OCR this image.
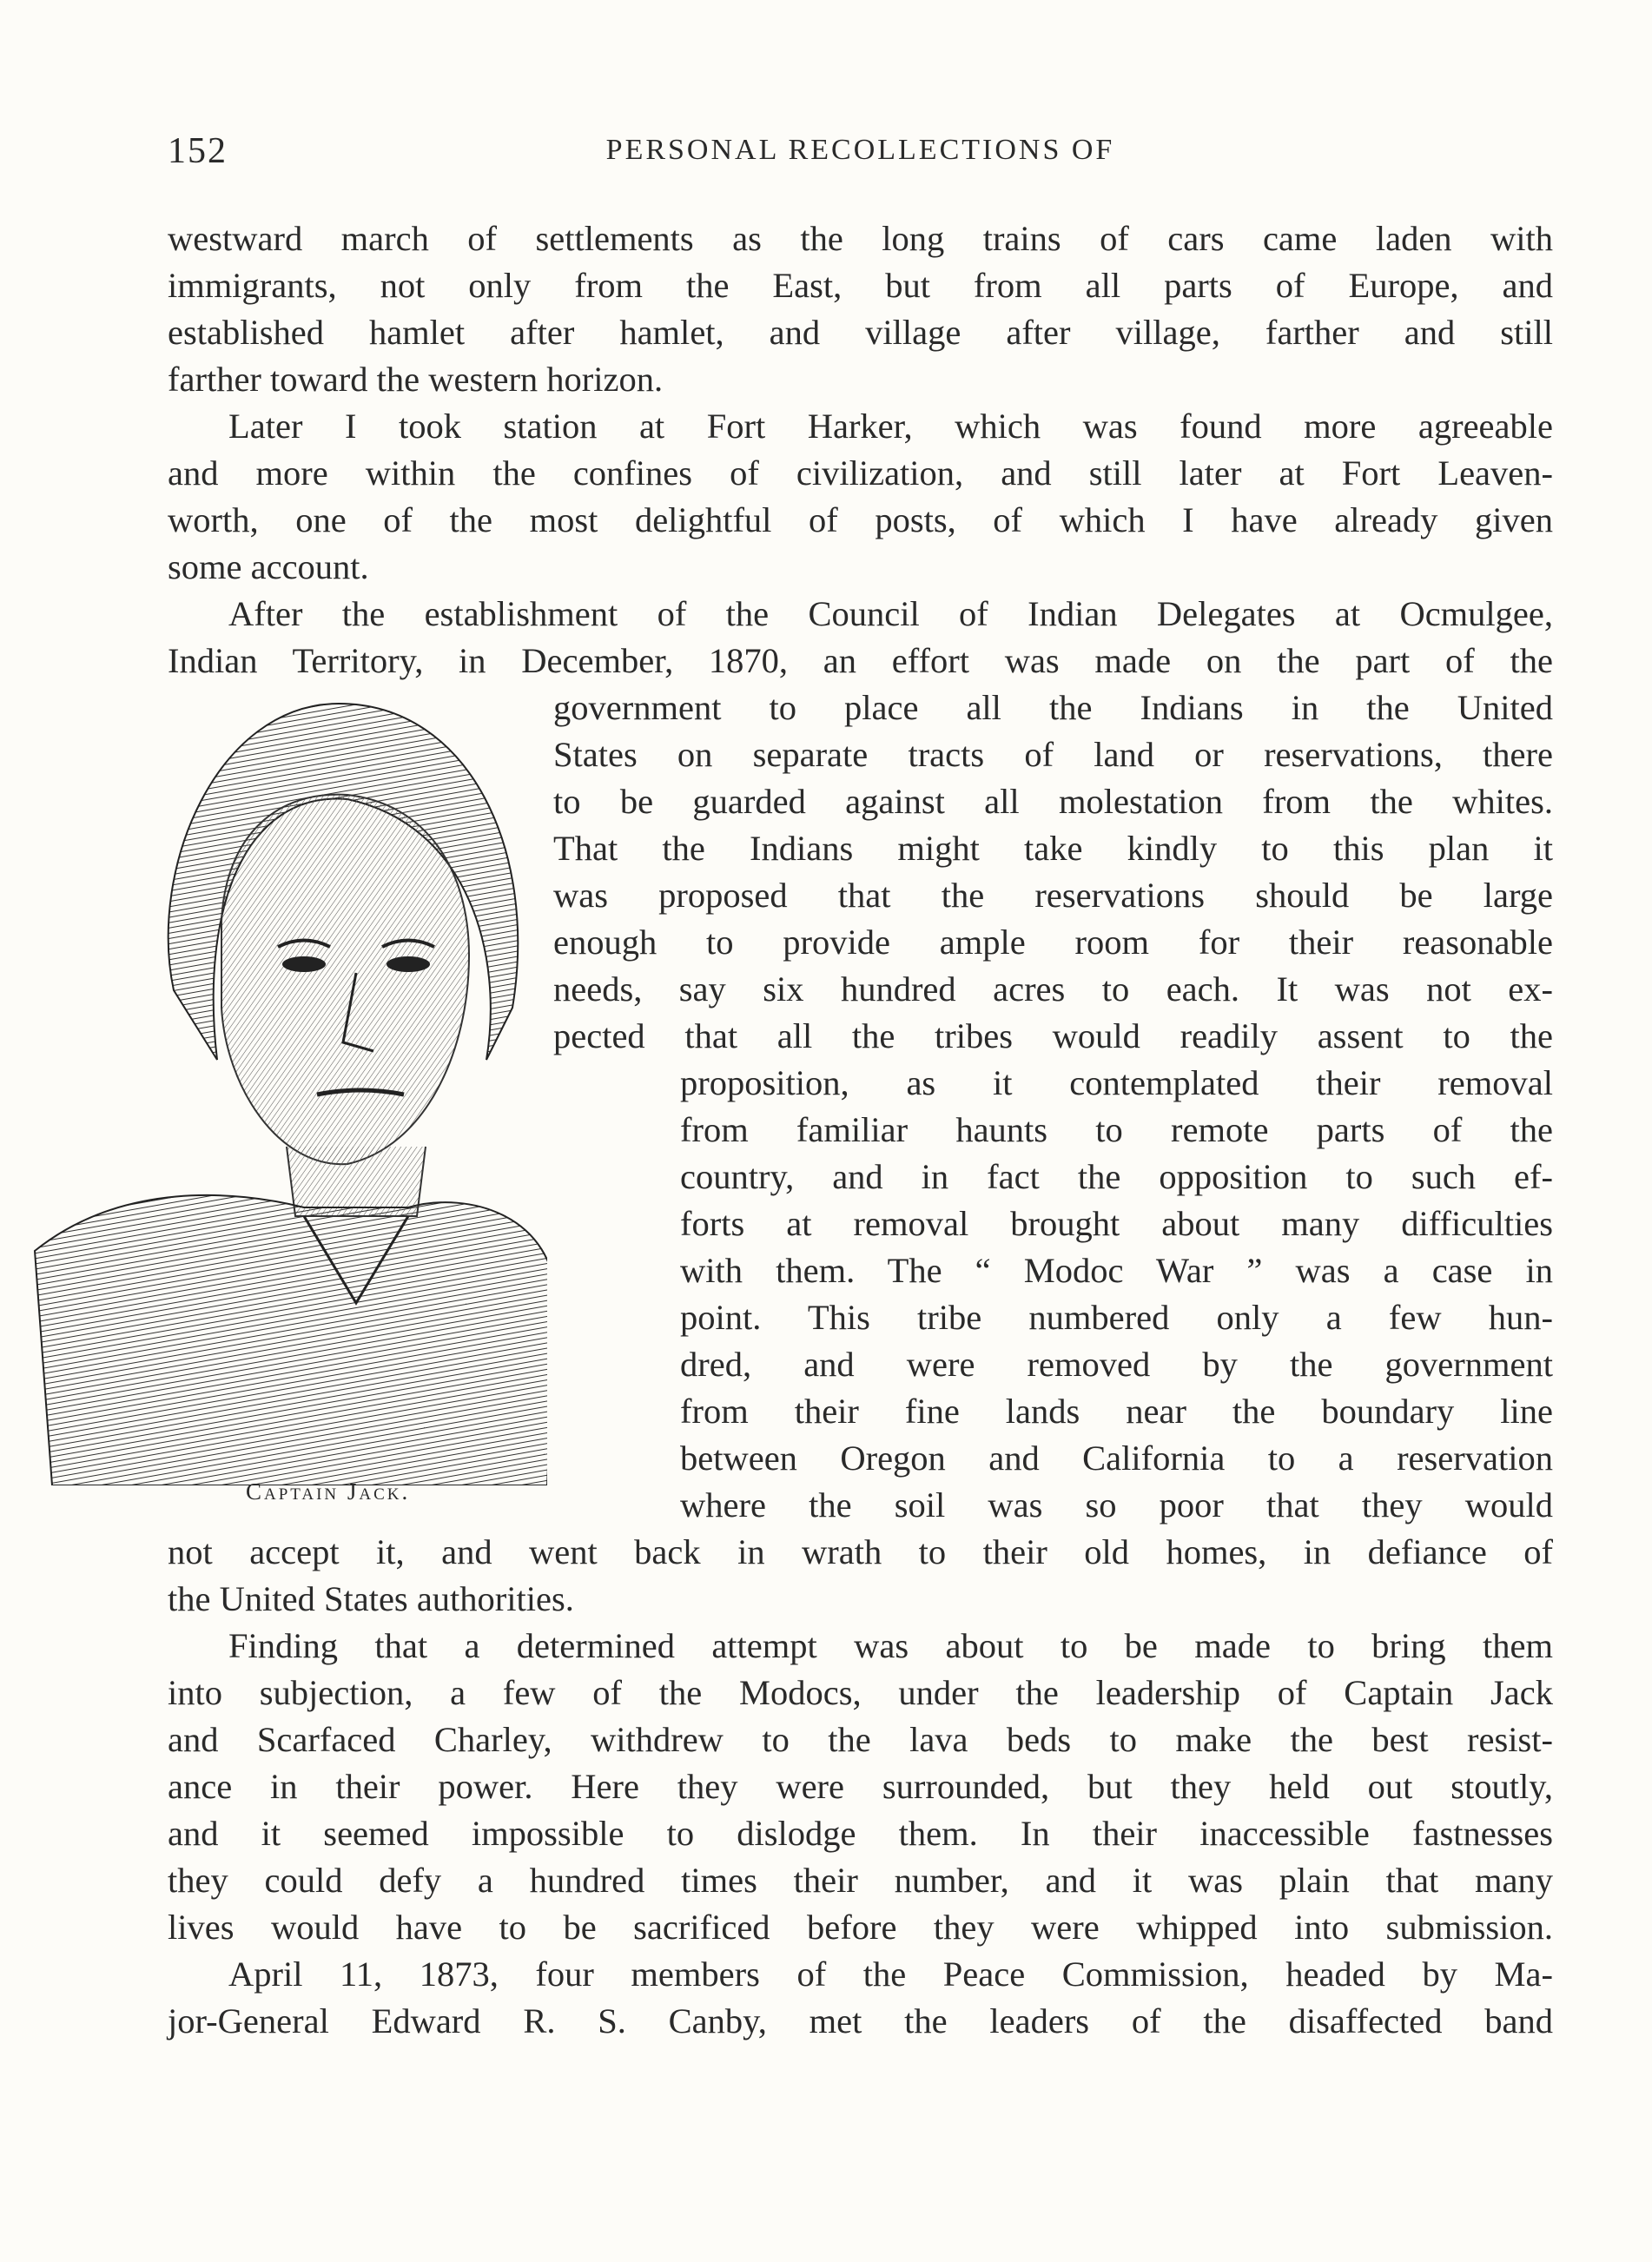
152	PERSONAL RECOLLECTIONS OF
Captain Jack.

westward march of settlements as the long trains of cars came laden with

immigrants, not only from the East, but from all parts of Europe, and

established hamlet after hamlet, and village after village, farther and still

farther toward the western horizon.

Later I took station at Fort Harker, which was found more agreeable

and more within the confines of civilization, and still later at Fort Leaven-

worth, one of the most delightful of posts, of which I have already given

some account.

After the establishment of the Council of Indian Delegates at Ocmulgee,

Indian Territory, in December, 1870, an effort was made on the part of the

government to place all the Indians in the United

States on separate tracts of land or reservations, there

to be guarded against all molestation from the whites.

That the Indians might take kindly to this plan it

was proposed that the reservations should be large

enough to provide ample room for their reasonable

needs, say six hundred acres to each. It was not ex-

pected that all the tribes would readily assent to the

proposition, as it contemplated their removal

from familiar haunts to remote parts of the

country, and in fact the opposition to such ef-

forts at removal brought about many difficulties

with them. The “ Modoc War ” was a case in

point. This tribe numbered only a few hun-

dred, and were removed by the government

from their fine lands near the boundary line

between Oregon and California to a reservation

where the soil was so poor that they would

not accept it, and went back in wrath to their old homes, in defiance of

the United States authorities.

Finding that a determined attempt was about to be made to bring them

into subjection, a few of the Modocs, under the leadership of Captain Jack

and Scarfaced Charley, withdrew to the lava beds to make the best resist-

ance in their power. Here they were surrounded, but they held out stoutly,

and it seemed impossible to dislodge them. In their inaccessible fastnesses

they could defy a hundred times their number, and it was plain that many

lives would have to be sacrificed before they were whipped into submission.

April 11, 1873, four members of the Peace Commission, headed by Ma-

jor-General Edward R. S. Canby, met the leaders of the disaffected band
